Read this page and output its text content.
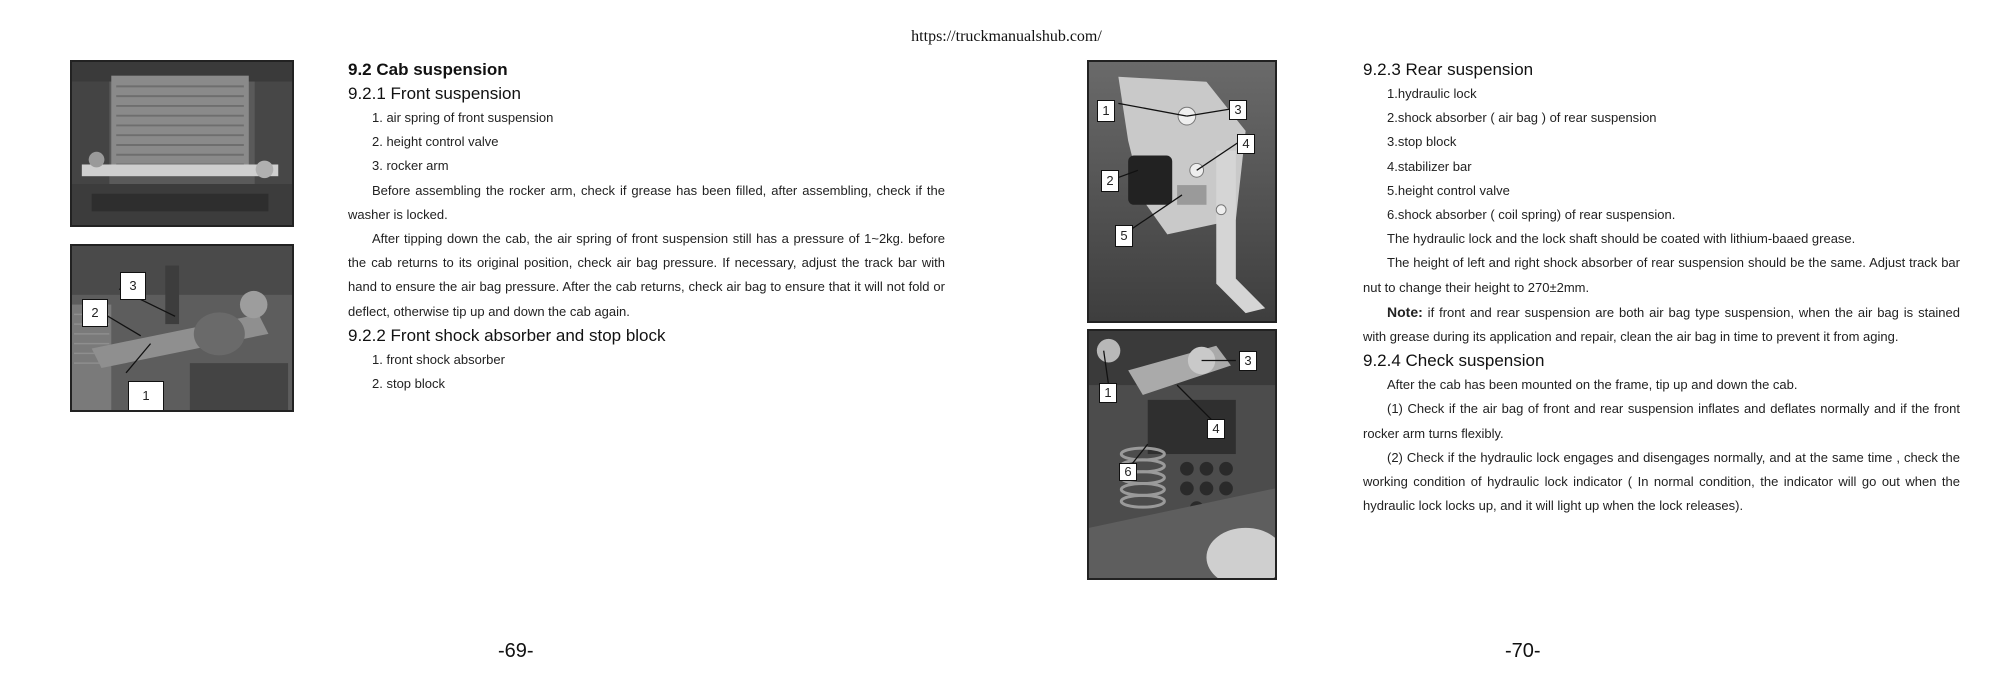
https://truckmanualshub.com/
3
2
1
9.2 Cab suspension
9.2.1 Front suspension

1. air spring of front suspension

2. height control valve

3. rocker arm

Before assembling the rocker arm, check if grease has been filled, after assembling, check if the washer is locked.

After tipping down the cab, the air spring of front suspension still has a pressure of 1~2kg. before the cab returns to its original position, check air bag pressure. If necessary, adjust the track bar with hand to ensure the air bag pressure. After the cab returns, check air bag to ensure that it will not fold or deflect, otherwise tip up and down the cab again.

9.2.2 Front shock absorber and stop block

1. front shock absorber

2. stop block

-69-
1	3
4
2
5
3
1
4
6
9.2.3 Rear suspension

1.hydraulic lock

2.shock absorber ( air bag ) of rear suspension

3.stop block

4.stabilizer bar

5.height control valve

6.shock absorber ( coil spring) of rear suspension.

The hydraulic lock and the lock shaft should be coated with lithium-baaed grease.

The height of left and right shock absorber of rear suspension should be the same. Adjust track bar nut to change their height to 270±2mm.

Note: if front and rear suspension are both air bag type suspension, when the air bag is stained with grease during its application and repair, clean the air bag in time to prevent it from aging.

9.2.4 Check suspension

After the cab has been mounted on the frame, tip up and down the cab.

(1) Check if the air bag of front and rear suspension inflates and deflates normally and if the front rocker arm turns flexibly.

(2) Check if the hydraulic lock engages and disengages normally, and at the same time , check the working condition of hydraulic lock indicator ( In normal condition, the indicator will go out when the hydraulic lock locks up, and it will light up when the lock releases).

-70-
